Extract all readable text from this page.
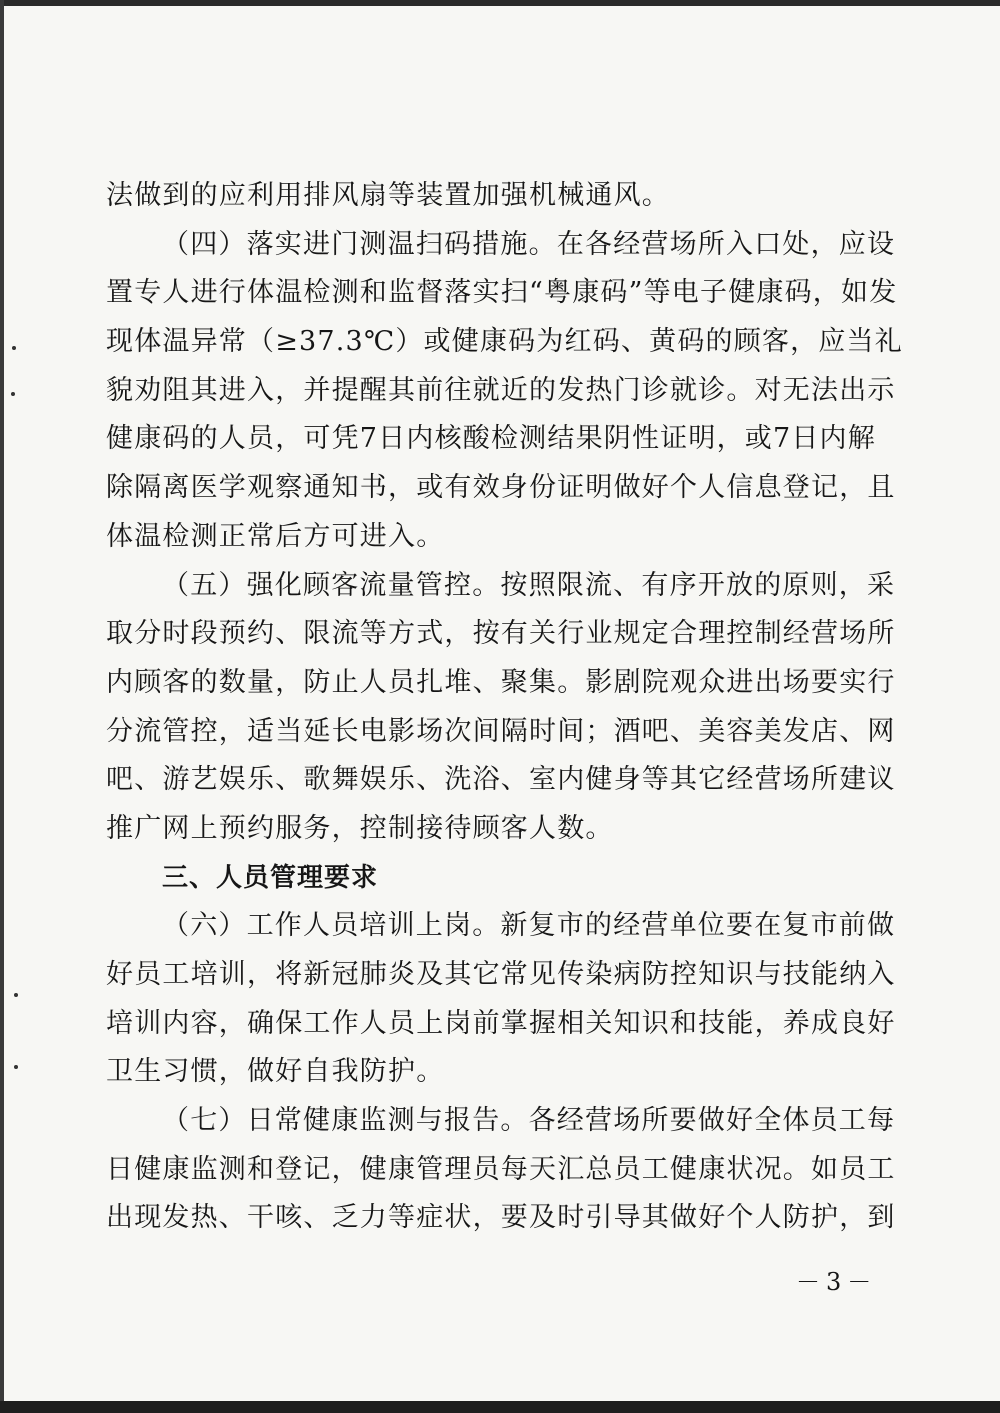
法做到的应利用排风扇等装置加强机械通风。
（四）落实进门测温扫码措施。在各经营场所入口处，应设
置专人进行体温检测和监督落实扫“粤康码”等电子健康码，如发
现体温异常（≥37.3℃）或健康码为红码、黄码的顾客，应当礼
貌劝阻其进入，并提醒其前往就近的发热门诊就诊。对无法出示
健康码的人员，可凭7日内核酸检测结果阴性证明，或7日内解
除隔离医学观察通知书，或有效身份证明做好个人信息登记，且
体温检测正常后方可进入。
（五）强化顾客流量管控。按照限流、有序开放的原则，采
取分时段预约、限流等方式，按有关行业规定合理控制经营场所
内顾客的数量，防止人员扎堆、聚集。影剧院观众进出场要实行
分流管控，适当延长电影场次间隔时间；酒吧、美容美发店、网
吧、游艺娱乐、歌舞娱乐、洗浴、室内健身等其它经营场所建议
推广网上预约服务，控制接待顾客人数。
三、人员管理要求
（六）工作人员培训上岗。新复市的经营单位要在复市前做
好员工培训，将新冠肺炎及其它常见传染病防控知识与技能纳入
培训内容，确保工作人员上岗前掌握相关知识和技能，养成良好
卫生习惯，做好自我防护。
（七）日常健康监测与报告。各经营场所要做好全体员工每
日健康监测和登记，健康管理员每天汇总员工健康状况。如员工
出现发热、干咳、乏力等症状，要及时引导其做好个人防护，到
－3－
